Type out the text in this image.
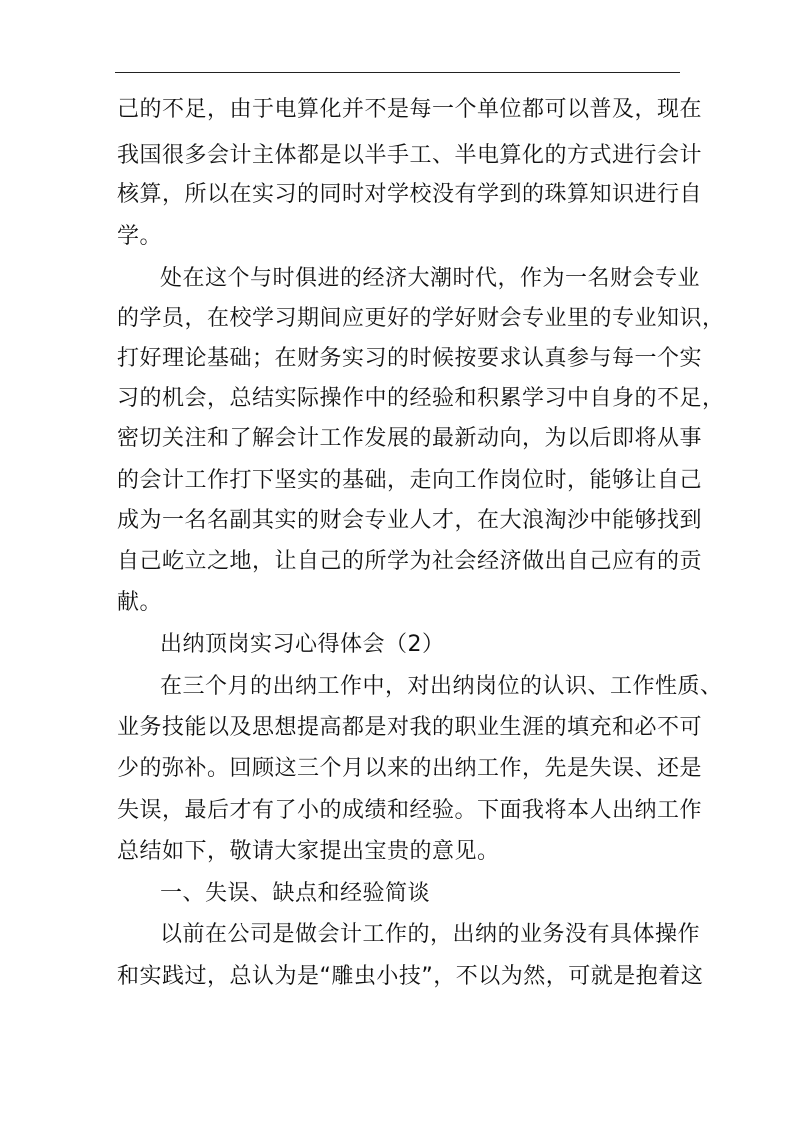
己的不足，由于电算化并不是每一个单位都可以普及，现在
我国很多会计主体都是以半手工、半电算化的方式进行会计
核算，所以在实习的同时对学校没有学到的珠算知识进行自
学。
处在这个与时俱进的经济大潮时代，作为一名财会专业
的学员，在校学习期间应更好的学好财会专业里的专业知识，
打好理论基础；在财务实习的时候按要求认真参与每一个实
习的机会，总结实际操作中的经验和积累学习中自身的不足，
密切关注和了解会计工作发展的最新动向，为以后即将从事
的会计工作打下坚实的基础，走向工作岗位时，能够让自己
成为一名名副其实的财会专业人才，在大浪淘沙中能够找到
自己屹立之地，让自己的所学为社会经济做出自己应有的贡
献。
出纳顶岗实习心得体会（2）
在三个月的出纳工作中，对出纳岗位的认识、工作性质、
业务技能以及思想提高都是对我的职业生涯的填充和必不可
少的弥补。回顾这三个月以来的出纳工作，先是失误、还是
失误，最后才有了小的成绩和经验。下面我将本人出纳工作
总结如下，敬请大家提出宝贵的意见。
一、失误、缺点和经验简谈
以前在公司是做会计工作的，出纳的业务没有具体操作
和实践过，总认为是“雕虫小技”，不以为然，可就是抱着这
